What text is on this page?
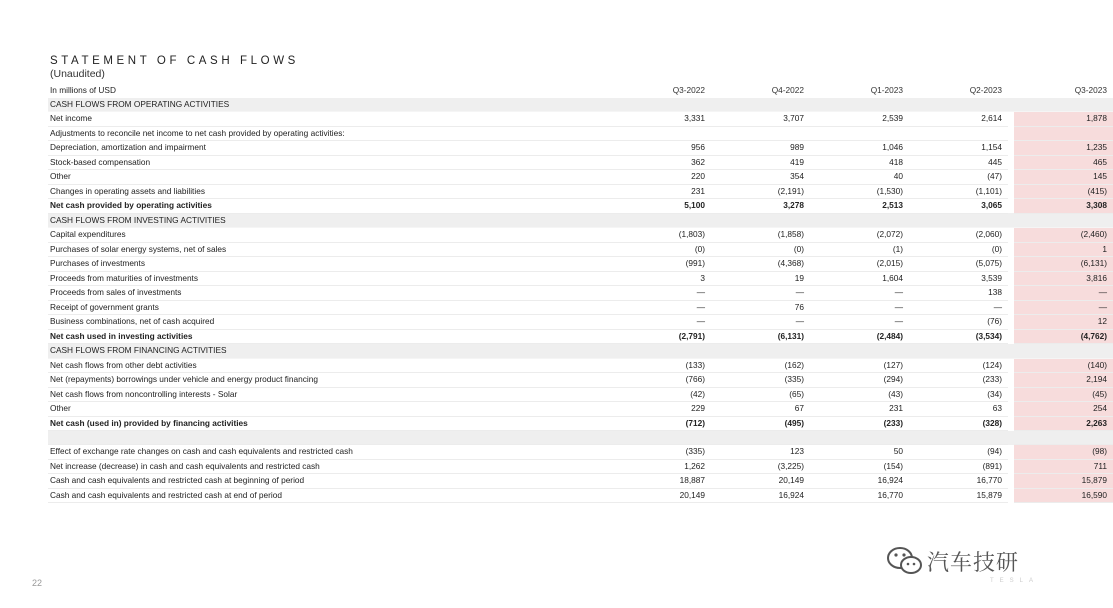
STATEMENT OF CASH FLOWS
(Unaudited)
In millions of USD	Q3-2022	Q4-2022	Q1-2023	Q2-2023		Q3-2023
CASH FLOWS FROM OPERATING ACTIVITIES						
Net income	3,331	3,707	2,539	2,614		1,878
Adjustments to reconcile net income to net cash provided by operating activities:						
Depreciation, amortization and impairment	956	989	1,046	1,154		1,235
Stock-based compensation	362	419	418	445		465
Other	220	354	40	(47)		145
Changes in operating assets and liabilities	231	(2,191)	(1,530)	(1,101)		(415)
Net cash provided by operating activities	5,100	3,278	2,513	3,065		3,308
CASH FLOWS FROM INVESTING ACTIVITIES						
Capital expenditures	(1,803)	(1,858)	(2,072)	(2,060)		(2,460)
Purchases of solar energy systems, net of sales	(0)	(0)	(1)	(0)		1
Purchases of investments	(991)	(4,368)	(2,015)	(5,075)		(6,131)
Proceeds from maturities of investments	3	19	1,604	3,539		3,816
Proceeds from sales of investments	—	—	—	138		—
Receipt of government grants	—	76	—	—		—
Business combinations, net of cash acquired	—	—	—	(76)		12
Net cash used in investing activities	(2,791)	(6,131)	(2,484)	(3,534)		(4,762)
CASH FLOWS FROM FINANCING ACTIVITIES						
Net cash flows from other debt activities	(133)	(162)	(127)	(124)		(140)
Net (repayments) borrowings under vehicle and energy product financing	(766)	(335)	(294)	(233)		2,194
Net cash flows from noncontrolling interests - Solar	(42)	(65)	(43)	(34)		(45)
Other	229	67	231	63		254
Net cash (used in) provided by financing activities	(712)	(495)	(233)	(328)		2,263

Effect of exchange rate changes on cash and cash equivalents and restricted cash	(335)	123	50	(94)		(98)
Net increase (decrease) in cash and cash equivalents and restricted cash	1,262	(3,225)	(154)	(891)		711
Cash and cash equivalents and restricted cash at beginning of period	18,887	20,149	16,924	16,770		15,879
Cash and cash equivalents and restricted cash at end of period	20,149	16,924	16,770	15,879		16,590
22
汽车技研
TESLA
